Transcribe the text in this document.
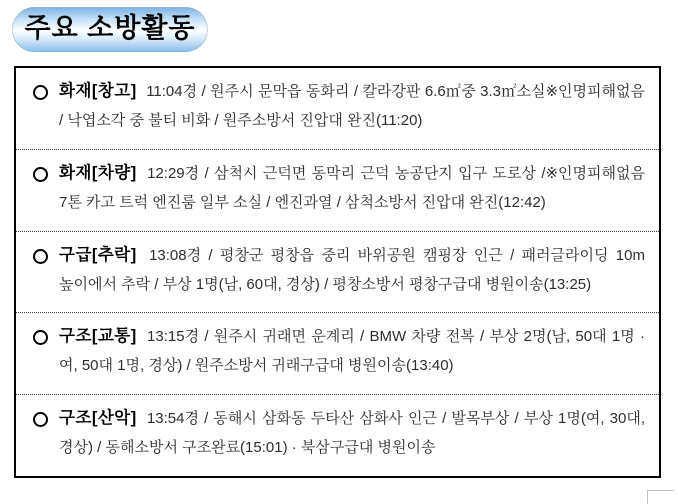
주요 소방활동

화재[창고]	※인명피해없음
11:04경 / 원주시 문막읍 동화리 / 칼라강판 6.6㎡중 3.3㎡소실 / 낙엽소각 중 불티 비화 / 원주소방서 진압대 완진(11:20)

화재[차량]	※인명피해없음
12:29경 / 삼척시 근덕면 동막리 근덕 농공단지 입구 도로상 / 7톤 카고 트럭 엔진룸 일부 소실 / 엔진과열 / 삼척소방서 진압대 완진(12:42)

구급[추락] 13:08경 / 평창군 평창읍 중리 바위공원 캠핑장 인근 / 패러글라이딩 10m 높이에서 추락 / 부상 1명(남, 60대, 경상) / 평창소방서 평창구급대 병원이송(13:25)

구조[교통] 13:15경 / 원주시 귀래면 운계리 / BMW 차량 전복 / 부상 2명(남, 50대 1명 · 여, 50대 1명, 경상) / 원주소방서 귀래구급대 병원이송(13:40)

구조[산악] 13:54경 / 동해시 삼화동 두타산 삼화사 인근 / 발목부상 / 부상 1명(여, 30대, 경상) / 동해소방서 구조완료(15:01) · 북삼구급대 병원이송
